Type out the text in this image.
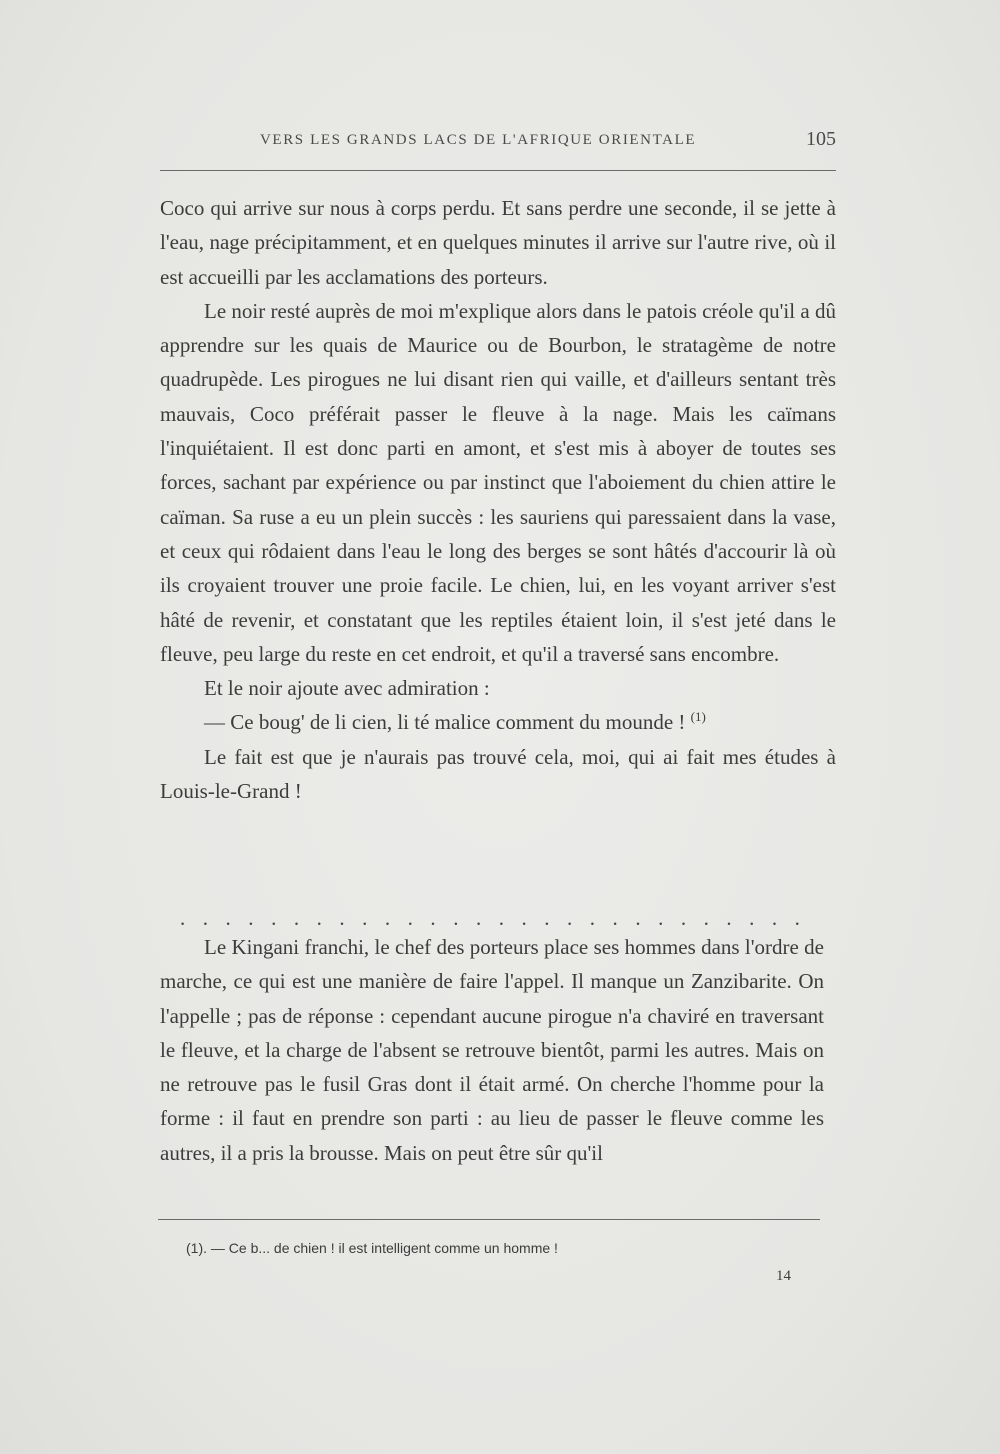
VERS LES GRANDS LACS DE L'AFRIQUE ORIENTALE	105

Coco qui arrive sur nous à corps perdu. Et sans perdre une seconde, il se jette à l'eau, nage précipitamment, et en quelques minutes il arrive sur l'autre rive, où il est accueilli par les acclamations des porteurs.

Le noir resté auprès de moi m'explique alors dans le patois créole qu'il a dû apprendre sur les quais de Maurice ou de Bourbon, le stratagème de notre quadrupède. Les pirogues ne lui disant rien qui vaille, et d'ailleurs sentant très mauvais, Coco préférait passer le fleuve à la nage. Mais les caïmans l'inquiétaient. Il est donc parti en amont, et s'est mis à aboyer de toutes ses forces, sachant par expérience ou par instinct que l'aboiement du chien attire le caïman. Sa ruse a eu un plein succès : les sauriens qui paressaient dans la vase, et ceux qui rôdaient dans l'eau le long des berges se sont hâtés d'accourir là où ils croyaient trouver une proie facile. Le chien, lui, en les voyant arriver s'est hâté de revenir, et constatant que les reptiles étaient loin, il s'est jeté dans le fleuve, peu large du reste en cet endroit, et qu'il a traversé sans encombre.

Et le noir ajoute avec admiration :

— Ce boug' de li cien, li té malice comment du mounde ! $^{(1)}$

Le fait est que je n'aurais pas trouvé cela, moi, qui ai fait mes études à Louis-le-Grand !

. . . . . . . . . . . . . . . . . . . . . . . . . . . .

Le Kingani franchi, le chef des porteurs place ses hommes dans l'ordre de marche, ce qui est une manière de faire l'appel. Il manque un Zanzibarite. On l'appelle ; pas de réponse : cependant aucune pirogue n'a chaviré en traversant le fleuve, et la charge de l'absent se retrouve bientôt, parmi les autres. Mais on ne retrouve pas le fusil Gras dont il était armé. On cherche l'homme pour la forme : il faut en prendre son parti : au lieu de passer le fleuve comme les autres, il a pris la brousse. Mais on peut être sûr qu'il

(1). — Ce b... de chien ! il est intelligent comme un homme !
14
